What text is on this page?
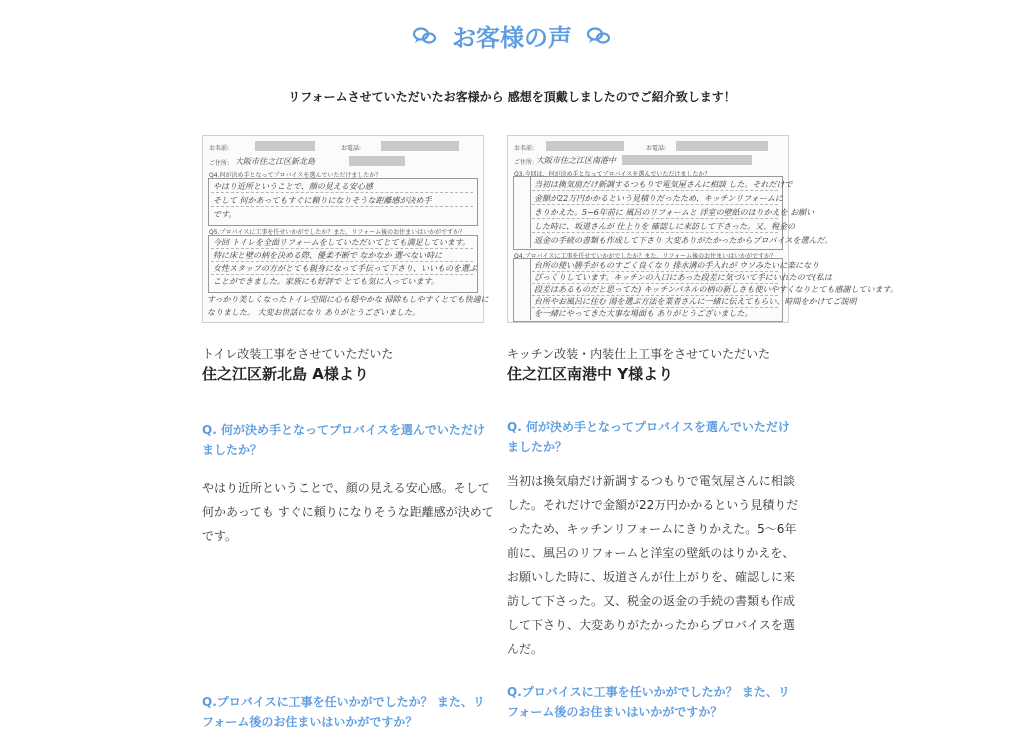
お客様の声
リフォームさせていただいたお客様から 感想を頂戴しましたのでご紹介致します！
お名前:	お電話:
ご住所: 大阪市住之江区新北島
Q4.何が決め手となってプロバイスを選んでいただけましたか？
やはり近所ということで、顔の見える安心感
そして 何かあってもすぐに頼りになりそうな距離感が決め手
です。
Q5.プロバイスに工事を任せいかがでしたか？また、リフォーム後のお住まいはいかがですか？
今回 トイレを全面リフォームをしていただいてとても満足しています。
特に床と壁の柄を決める際、優柔不断で なかなか 選べない時に
女性スタッフの方がとても親身になって手伝って下さり、いいものを選ぶ
ことができました。家族にも好評で とても気に入っています。
すっかり美しくなったトイレ空間に心も穏やかな 掃除もしやすくとても快適に
なりました。 大変お世話になり ありがとうございました。
トイレ改装工事をさせていただいた
住之江区新北島 A様より
Q. 何が決め手となってプロバイスを選んでいただけましたか？
やはり近所ということで、顔の見える安心感。そして何かあっても すぐに頼りになりそうな距離感が決めてです。
Q.プロバイスに工事を任いかがでしたか？ また、リフォーム後のお住まいはいかがですか？
お名前:	お電話:
ご住所: 大阪市住之江区南港中
Q3.今回は、何が決め手となってプロバイスを選んでいただけましたか？
当初は換気扇だけ新調するつもりで電気屋さんに相談 した。それだけで
金額が22万円かかるという見積りだったため、キッチンリフォームに
きりかえた。5~6年前に 風呂のリフォームと 洋室の壁紙のはりかえを お願い
した時に、坂道さんが 仕上りを 確認しに来訪して下さった。又、税金の
返金の手続の書類も作成して下さり 大変ありがたかったからプロバイスを選んだ。
Q4.プロバイスに工事を任せていかがでしたか？また、リフォーム後のお住まいはいかがですか？
台所の使い勝手がものすごく良くなり 排水溝の手入れが ウソみたいに楽になり
ぴっくりしています。キッチンの入口にあった段差に気づいて手にいれたので(私は
段差はあるものだと思ってた) キッチンパネルの柄の新しさも使いやすくなりとても感謝しています。
台所やお風呂に住む 湯を選ぶ方法を業者さんに一緒に伝えてもらい、時間をかけてご説明
を一緒にやってきた大事な場面も ありがとうございました。
キッチン改装・内装仕上工事をさせていただいた
住之江区南港中 Y様より
Q. 何が決め手となってプロバイスを選んでいただけましたか？
当初は換気扇だけ新調するつもりで電気屋さんに相談した。それだけで金額が22万円かかるという見積りだったため、キッチンリフォームにきりかえた。5〜6年前に、風呂のリフォームと洋室の壁紙のはりかえを、お願いした時に、坂道さんが仕上がりを、確認しに来訪して下さった。又、税金の返金の手続の書類も作成して下さり、大変ありがたかったからプロバイスを選んだ。
Q.プロバイスに工事を任いかがでしたか？ また、リフォーム後のお住まいはいかがですか？
